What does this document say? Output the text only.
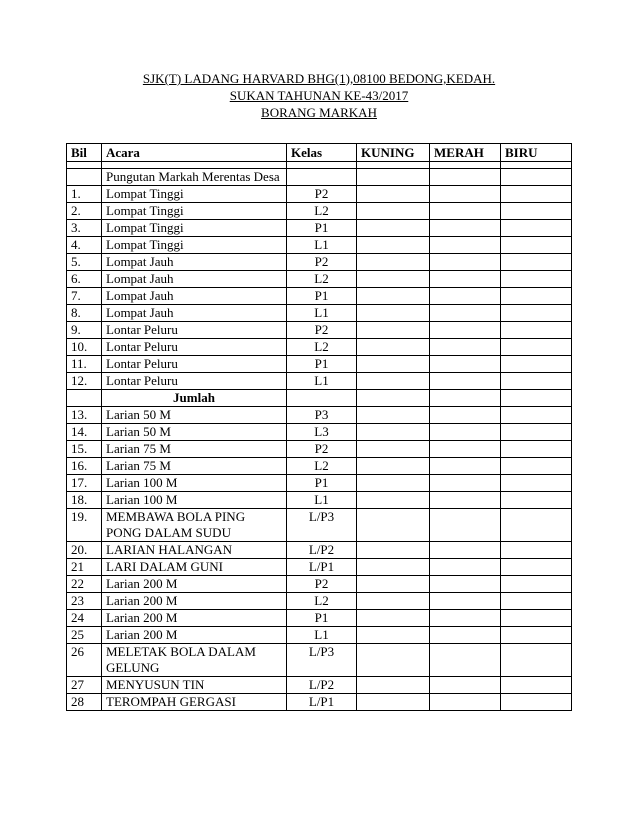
SJK(T) LADANG HARVARD BHG(1),08100 BEDONG,KEDAH.
SUKAN TAHUNAN KE-43/2017
BORANG MARKAH
Bil	Acara	Kelas	KUNING	MERAH	BIRU

	Pungutan Markah Merentas Desa				
1.	Lompat Tinggi	P2			
2.	Lompat Tinggi	L2			
3.	Lompat Tinggi	P1			
4.	Lompat Tinggi	L1			
5.	Lompat Jauh	P2			
6.	Lompat Jauh	L2			
7.	Lompat Jauh	P1			
8.	Lompat Jauh	L1			
9.	Lontar Peluru	P2			
10.	Lontar Peluru	L2			
11.	Lontar Peluru	P1			
12.	Lontar Peluru	L1			
	Jumlah				
13.	Larian 50 M	P3			
14.	Larian 50 M	L3			
15.	Larian 75 M	P2			
16.	Larian 75 M	L2			
17.	Larian 100 M	P1			
18.	Larian 100 M	L1			
19.	MEMBAWA BOLA PING PONG DALAM SUDU	L/P3			
20.	LARIAN HALANGAN	L/P2			
21	LARI DALAM GUNI	L/P1			
22	Larian 200 M	P2			
23	Larian 200 M	L2			
24	Larian 200 M	P1			
25	Larian 200 M	L1			
26	MELETAK BOLA DALAM GELUNG	L/P3			
27	MENYUSUN TIN	L/P2			
28	TEROMPAH GERGASI	L/P1			
